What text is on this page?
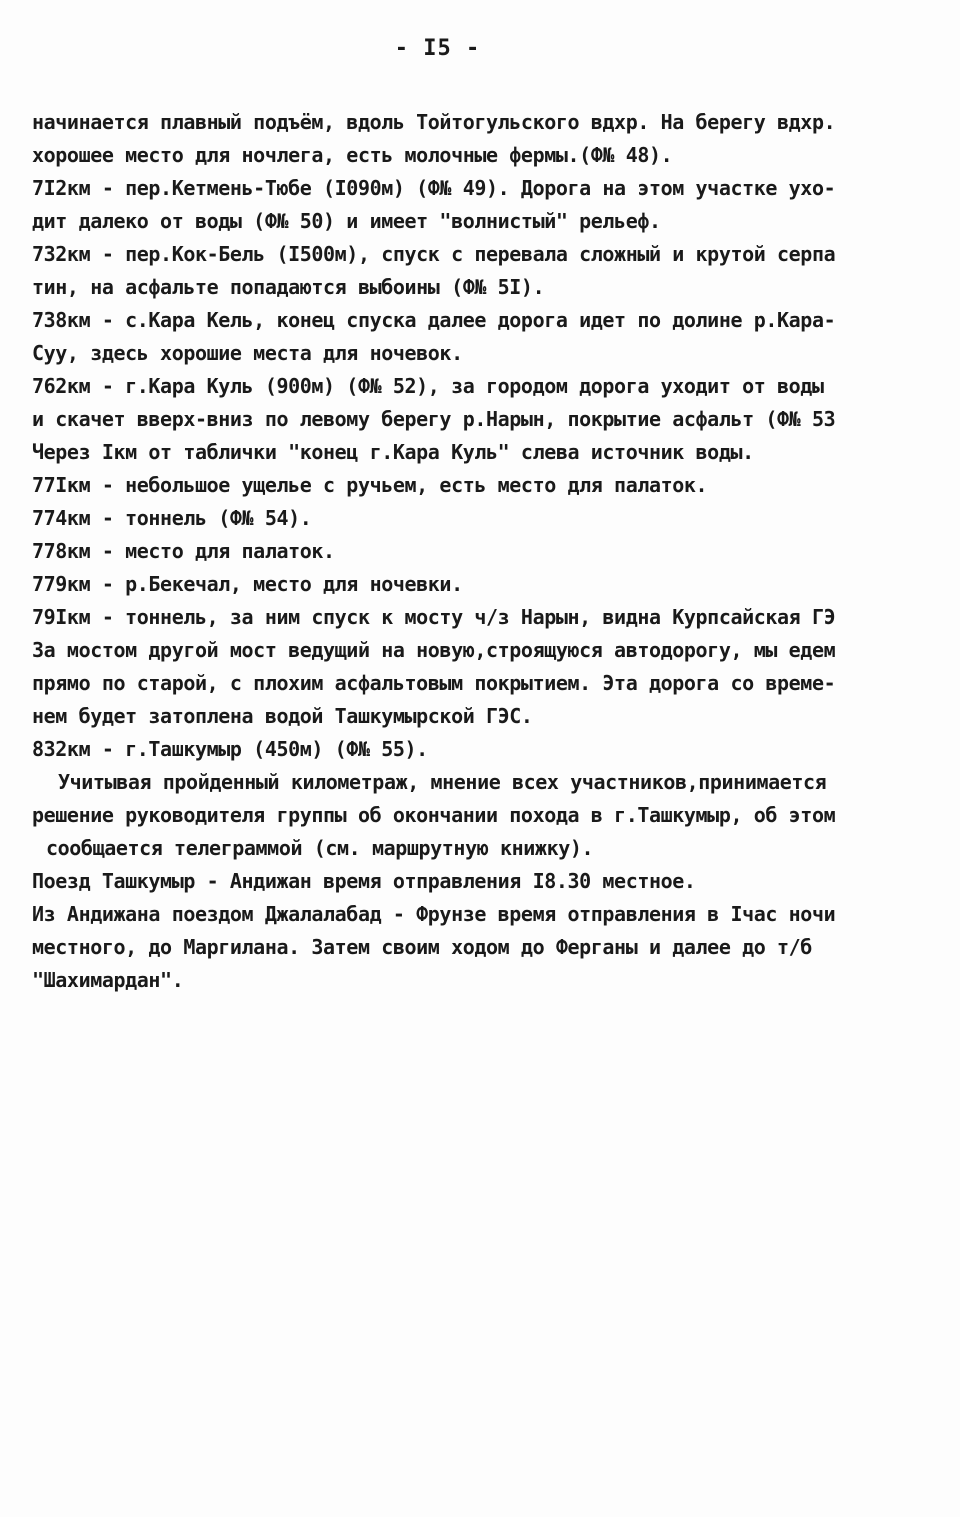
- I5 -
начинается плавный подъём, вдоль Тойтогульского вдхр. На берегу вдхр.
хорошее место для ночлега, есть молочные фермы.(Ф№ 48).
7I2км - пер.Кетмень-Тюбе (I090м) (Ф№ 49). Дорога на этом участке ухо-
дит далеко от воды (Ф№ 50) и имеет "волнистый" рельеф.
732км - пер.Кок-Бель (I500м), спуск с перевала сложный и крутой серпа
тин, на асфальте попадаются выбоины (Ф№ 5I).
738км - с.Кара Кель, конец спуска далее дорога идет по долине р.Кара-
Суу, здесь хорошие места для ночевок.
762км - г.Кара Куль (900м) (Ф№ 52), за городом дорога уходит от воды
и скачет вверх-вниз по левому берегу р.Нарын, покрытие асфальт (Ф№ 53
Через Iкм от таблички "конец г.Кара Куль" слева источник воды.
77Iкм - небольшое ущелье с ручьем, есть место для палаток.
774км - тоннель (Ф№ 54).
778км - место для палаток.
779км - р.Бекечал, место для ночевки.
79Iкм - тоннель, за ним спуск к мосту ч/з Нарын, видна Курпсайская ГЭ
За мостом другой мост ведущий на новую,строящуюся автодорогу, мы едем
прямо по старой, с плохим асфальтовым покрытием. Эта дорога со време-
нем будет затоплена водой Ташкумырской ГЭС.
832км - г.Ташкумыр (450м) (Ф№ 55).
Учитывая пройденный километраж, мнение всех участников,принимается
решение руководителя группы об окончании похода в г.Ташкумыр, об этом
сообщается телеграммой (см. маршрутную книжку).
Поезд Ташкумыр - Андижан время отправления I8.30 местное.
Из Андижана поездом Джалалабад - Фрунзе время отправления в Iчас ночи
местного, до Маргилана. Затем своим ходом до Ферганы и далее до т/б
"Шахимардан".
